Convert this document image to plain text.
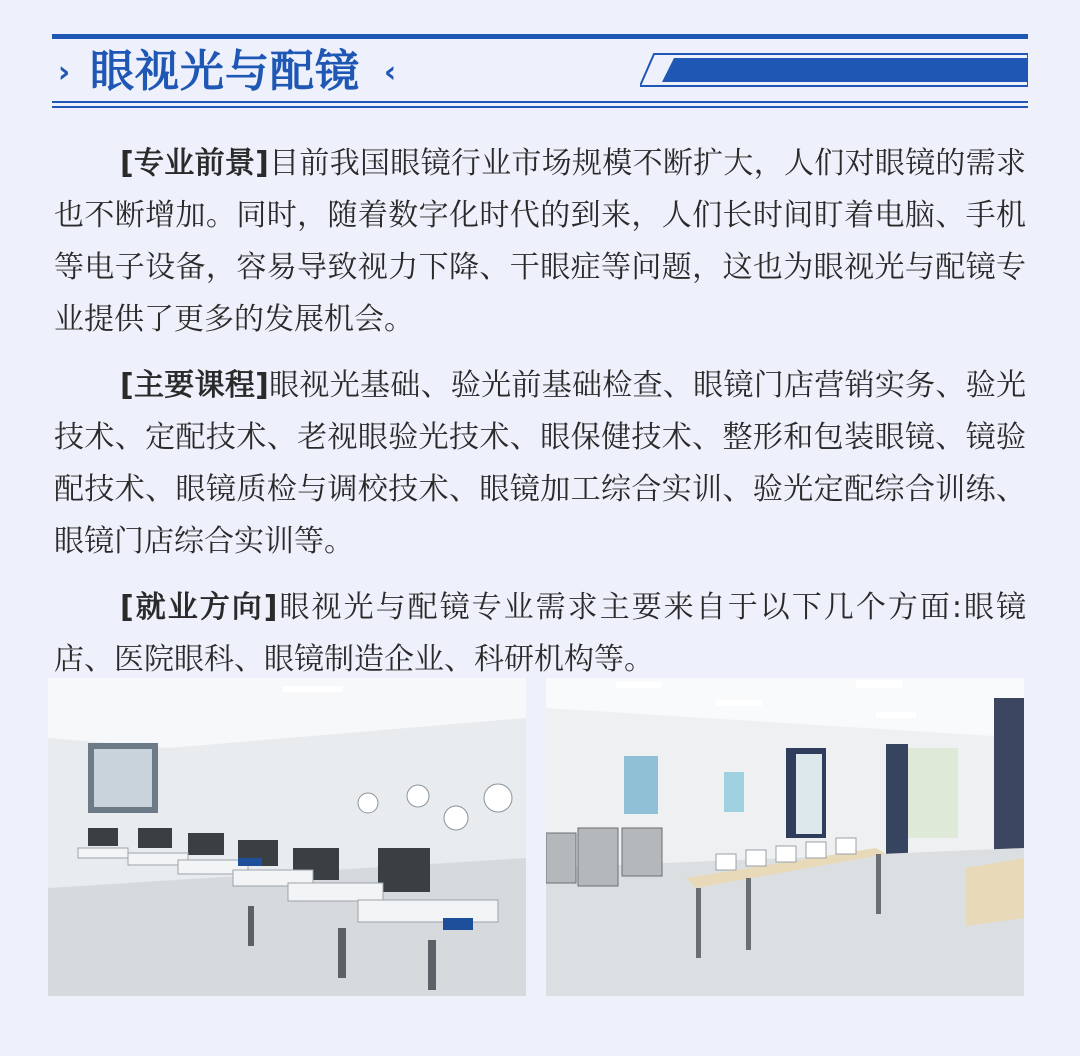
› 眼视光与配镜 ‹

[专业前景]目前我国眼镜行业市场规模不断扩大，人们对眼镜的需求也不断增加。同时，随着数字化时代的到来，人们长时间盯着电脑、手机等电子设备，容易导致视力下降、干眼症等问题，这也为眼视光与配镜专业提供了更多的发展机会。

[主要课程]眼视光基础、验光前基础检查、眼镜门店营销实务、验光技术、定配技术、老视眼验光技术、眼保健技术、整形和包装眼镜、镜验配技术、眼镜质检与调校技术、眼镜加工综合实训、验光定配综合训练、眼镜门店综合实训等。

[就业方向]眼视光与配镜专业需求主要来自于以下几个方面:眼镜店、医院眼科、眼镜制造企业、科研机构等。
